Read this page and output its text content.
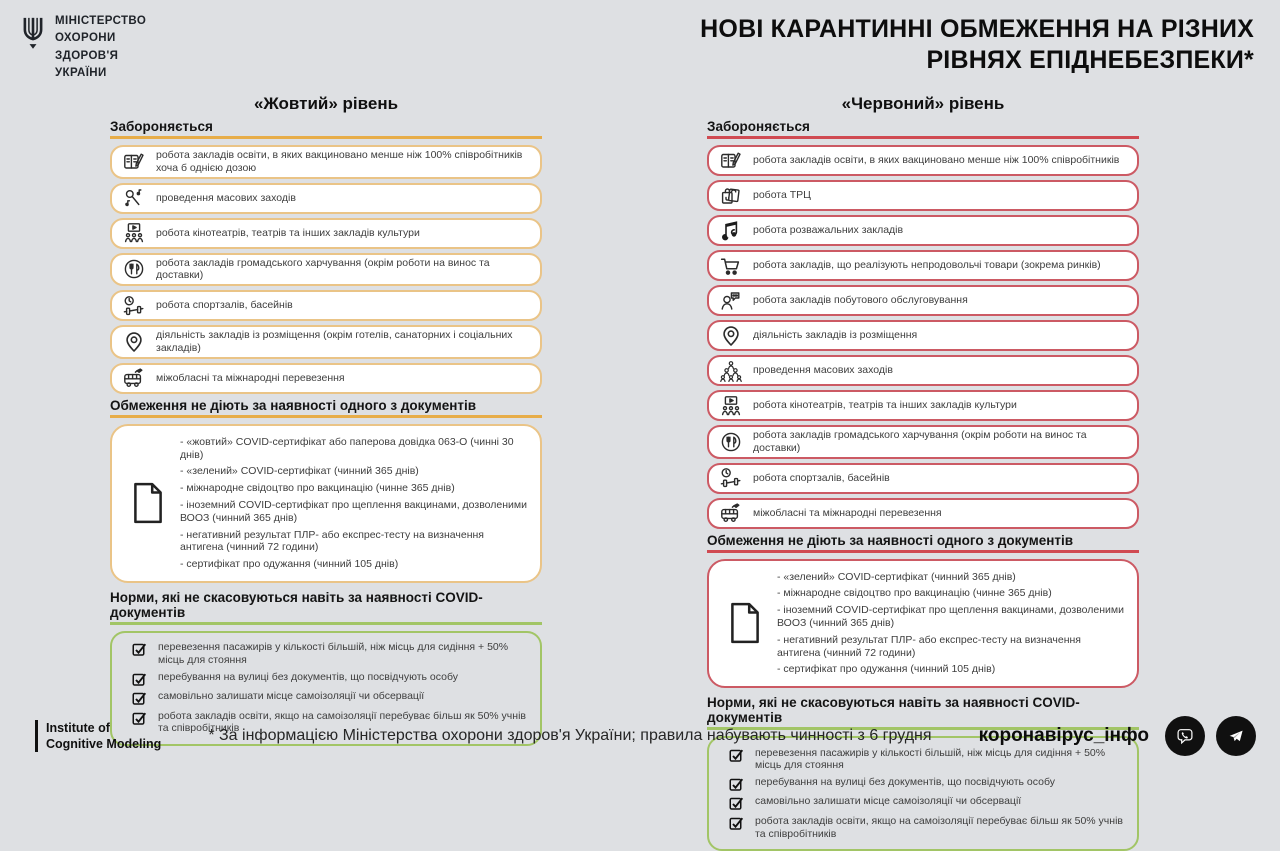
МІНІСТЕРСТВО
ОХОРОНИ
ЗДОРОВ'Я
УКРАЇНИ
НОВІ КАРАНТИННІ ОБМЕЖЕННЯ НА РІЗНИХ
РІВНЯХ ЕПІДНЕБЕЗПЕКИ*
«Жовтий» рівень
Забороняється
робота закладів освіти, в яких вакциновано менше ніж 100% співробітників хоча б однією дозою
проведення масових заходів
робота кінотеатрів, театрів та інших закладів культури
робота закладів громадського харчування (окрім роботи на винос та доставки)
робота спортзалів, басейнів
діяльність закладів із розміщення (окрім готелів, санаторних і соціальних закладів)
міжобласні та міжнародні перевезення
Обмеження не діють за наявності одного з документів
- «жовтий» COVID-сертифікат або паперова довідка 063-О (чинні 30 днів)
- «зелений» COVID-сертифікат (чинний 365 днів)
- міжнародне свідоцтво про вакцинацію (чинне 365 днів)
- іноземний COVID-сертифікат про щеплення вакцинами, дозволеними ВООЗ (чинний 365 днів)
- негативний результат ПЛР- або експрес-тесту на визначення антигена (чинний 72 години)
- сертифікат про одужання (чинний 105 днів)
Норми, які не скасовуються навіть за наявності COVID-документів
перевезення пасажирів у кількості більшій, ніж місць для сидіння + 50% місць для стояння
перебування на вулиці без документів, що посвідчують особу
самовільно залишати місце самоізоляції чи обсервації
робота закладів освіти, якщо на самоізоляції перебуває більш як 50% учнів та співробітників
«Червоний» рівень
Забороняється
робота закладів освіти, в яких вакциновано менше ніж 100% співробітників
робота ТРЦ
робота розважальних закладів
робота закладів, що реалізують непродовольчі товари (зокрема ринків)
робота закладів побутового обслуговування
діяльність закладів із розміщення
проведення масових заходів
робота кінотеатрів, театрів та інших закладів культури
робота закладів громадського харчування (окрім роботи на винос та доставки)
робота спортзалів, басейнів
міжобласні та міжнародні перевезення
Обмеження не діють за наявності одного з документів
- «зелений» COVID-сертифікат (чинний 365 днів)
- міжнародне свідоцтво про вакцинацію (чинне 365 днів)
- іноземний COVID-сертифікат про щеплення вакцинами, дозволеними ВООЗ (чинний 365 днів)
- негативний результат ПЛР- або експрес-тесту на визначення антигена (чинний 72 години)
- сертифікат про одужання (чинний 105 днів)
Норми, які не скасовуються навіть за наявності COVID-документів
перевезення пасажирів у кількості більшій, ніж місць для сидіння + 50% місць для стояння
перебування на вулиці без документів, що посвідчують особу
самовільно залишати місце самоізоляції чи обсервації
робота закладів освіти, якщо на самоізоляції перебуває більш як 50% учнів та співробітників
Institute of
Cognitive Modeling	* За інформацією Міністерства охорони здоров'я України; правила набувають чинності з 6 грудня	коронавірус_інфо
